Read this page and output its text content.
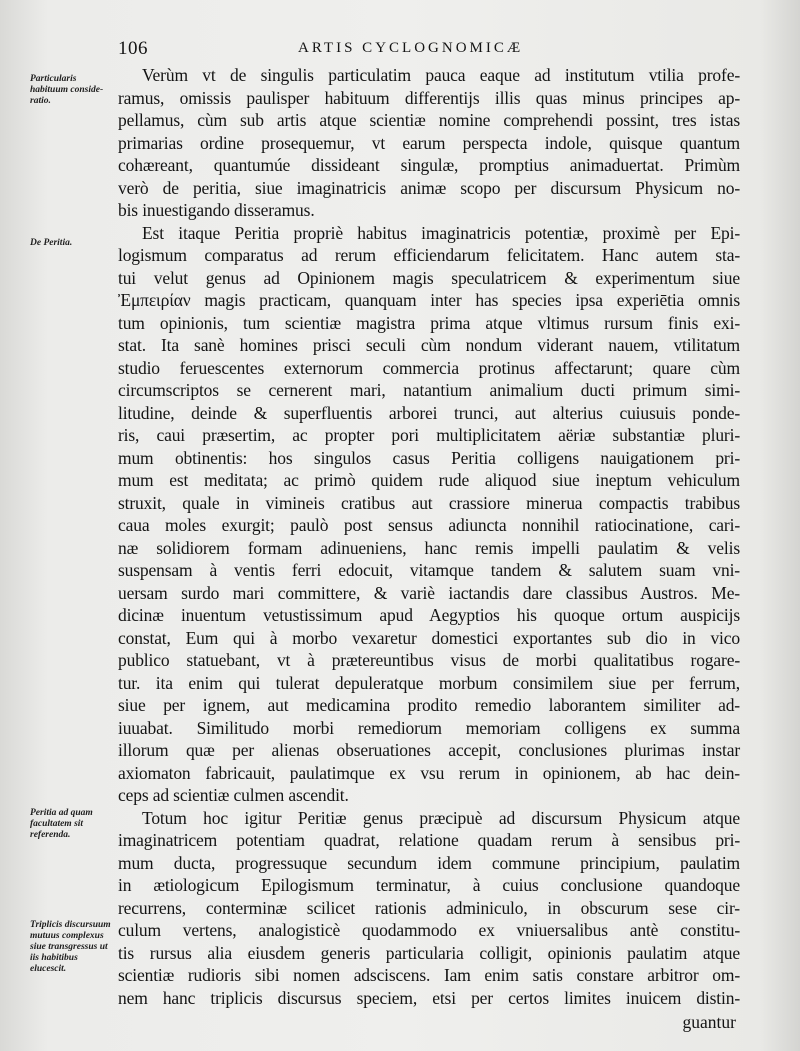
106	ARTIS CYCLOGNOMICÆ
Particularis habituum conside-ratio.
De Peritia.
Peritia ad quam facultatem sit referenda.
Triplicis discursuum mutuus complexus siue transgressus ut iis habitibus elucescit.
Verùm vt de singulis particulatim pauca eaque ad institutum vtilia profe-
ramus, omissis paulisper habituum differentijs illis quas minus principes ap-
pellamus, cùm sub artis atque scientiæ nomine comprehendi possint, tres istas
primarias ordine prosequemur, vt earum perspecta indole, quisque quantum
cohæreant, quantumúe dissideant singulæ, promptius animaduertat. Primùm
verò de peritia, siue imaginatricis animæ scopo per discursum Physicum no-
bis inuestigando disseramus.
Est itaque Peritia propriè habitus imaginatricis potentiæ, proximè per Epi-
logismum comparatus ad rerum efficiendarum felicitatem. Hanc autem sta-
tui velut genus ad Opinionem magis speculatricem & experimentum siue
Ἐμπειρίαν magis practicam, quanquam inter has species ipsa experiētia omnis
tum opinionis, tum scientiæ magistra prima atque vltimus rursum finis exi-
stat. Ita sanè homines prisci seculi cùm nondum viderant nauem, vtilitatum
studio feruescentes externorum commercia protinus affectarunt; quare cùm
circumscriptos se cernerent mari, natantium animalium ducti primum simi-
litudine, deinde & superfluentis arborei trunci, aut alterius cuiusuis ponde-
ris, caui præsertim, ac propter pori multiplicitatem aëriæ substantiæ pluri-
mum obtinentis: hos singulos casus Peritia colligens nauigationem pri-
mum est meditata; ac primò quidem rude aliquod siue ineptum vehiculum
struxit, quale in vimineis cratibus aut crassiore mineruа compactis trabibus
caua moles exurgit; paulò post sensus adiuncta nonnihil ratiocinatione, cari-
næ solidiorem formam adinueniens, hanc remis impelli paulatim & velis
suspensam à ventis ferri edocuit, vitamque tandem & salutem suam vni-
uersam surdo mari committere, & variè iactandis dare classibus Austros. Me-
dicinæ inuentum vetustissimum apud Aegyptios his quoque ortum auspicijs
constat, Eum qui à morbo vexaretur domestici exportantes sub dio in vico
publico statuebant, vt à prætereuntibus visus de morbi qualitatibus rogare-
tur. ita enim qui tulerat depuleratque morbum consimilem siue per ferrum,
siue per ignem, aut medicamina prodito remedio laborantem similiter ad-
iuuabat. Similitudo morbi remediorum memoriam colligens ex summa
illorum quæ per alienas obseruationes accepit, conclusiones plurimas instar
axiomaton fabricauit, paulatimque ex vsu rerum in opinionem, ab hac dein-
ceps ad scientiæ culmen ascendit.
Totum hoc igitur Peritiæ genus præcipuè ad discursum Physicum atque
imaginatricem potentiam quadrat, relatione quadam rerum à sensibus pri-
mum ducta, progressuque secundum idem commune principium, paulatim
in ætiologicum Epilogismum terminatur, à cuius conclusione quandoque
recurrens, conterminæ scilicet rationis adminiculo, in obscurum sese cir-
culum vertens, analogisticè quodammodo ex vniuersalibus antè constitu-
tis rursus alia eiusdem generis particularia colligit, opinionis paulatim atque
scientiæ rudioris sibi nomen adsciscens. Iam enim satis constare arbitror om-
nem hanc triplicis discursus speciem, etsi per certos limites inuicem distin-
guantur
